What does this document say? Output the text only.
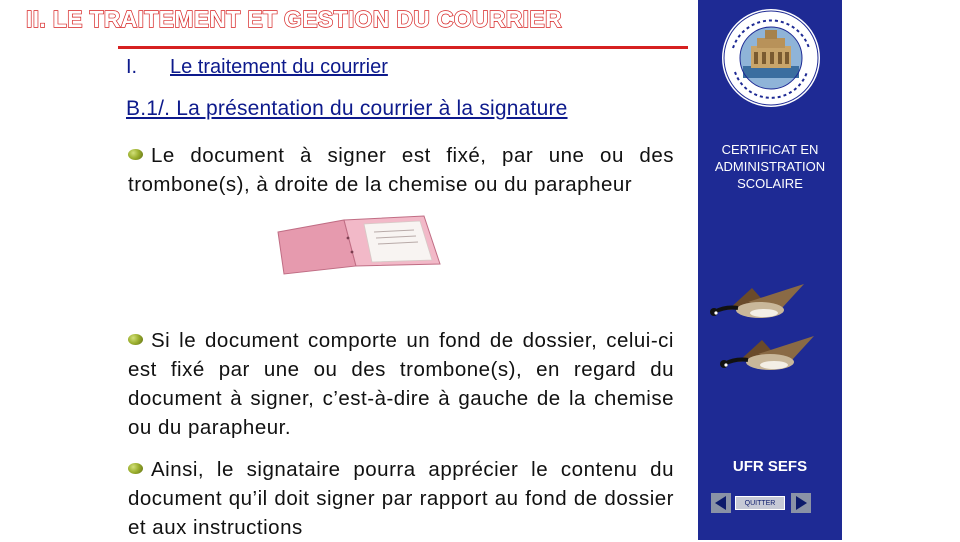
II. LE TRAITEMENT ET GESTION DU COURRIER
I. Le traitement du courrier
B.1/. La présentation du courrier à la signature
Le document à signer est fixé, par une ou des trombone(s), à droite de la chemise ou du parapheur
Si le document comporte un fond de dossier, celui-ci est fixé par une ou des trombone(s), en regard du document à signer, c’est-à-dire à gauche de la chemise ou du parapheur.
Ainsi, le signataire pourra apprécier le contenu du document qu’il doit signer par rapport au fond de dossier et aux instructions
CERTIFICAT EN
ADMINISTRATION
SCOLAIRE
UFR SEFS
QUITTER
